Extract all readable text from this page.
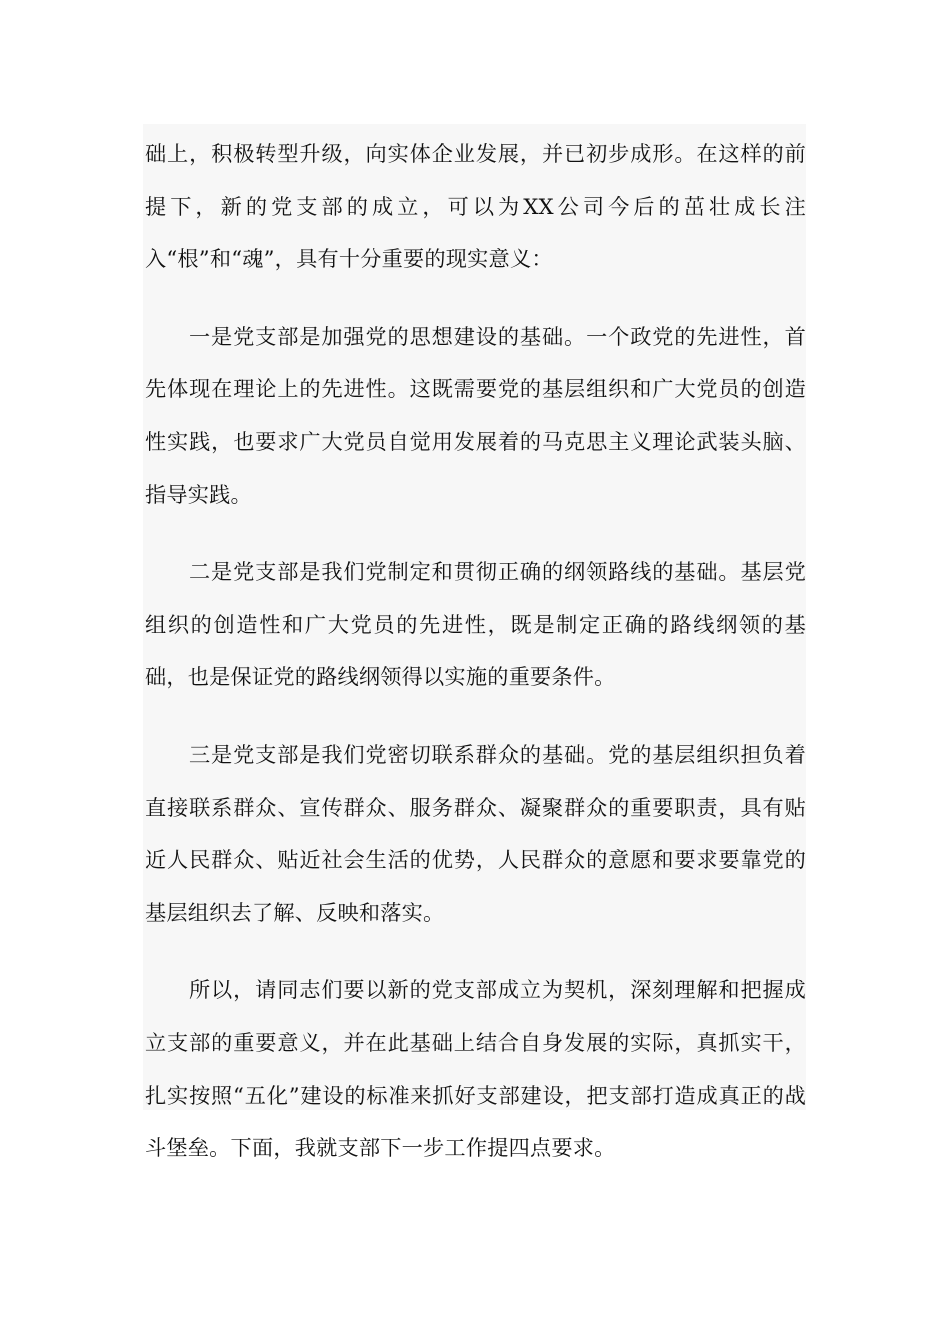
础上，积极转型升级，向实体企业发展，并已初步成形。在这样的前提下，新的党支部的成立，可以为XX公司今后的茁壮成长注入“根”和“魂”，具有十分重要的现实意义：

一是党支部是加强党的思想建设的基础。一个政党的先进性，首先体现在理论上的先进性。这既需要党的基层组织和广大党员的创造性实践，也要求广大党员自觉用发展着的马克思主义理论武装头脑、指导实践。

二是党支部是我们党制定和贯彻正确的纲领路线的基础。基层党组织的创造性和广大党员的先进性，既是制定正确的路线纲领的基础，也是保证党的路线纲领得以实施的重要条件。

三是党支部是我们党密切联系群众的基础。党的基层组织担负着直接联系群众、宣传群众、服务群众、凝聚群众的重要职责，具有贴近人民群众、贴近社会生活的优势，人民群众的意愿和要求要靠党的基层组织去了解、反映和落实。

所以，请同志们要以新的党支部成立为契机，深刻理解和把握成立支部的重要意义，并在此基础上结合自身发展的实际，真抓实干，扎实按照“五化”建设的标准来抓好支部建设，把支部打造成真正的战斗堡垒。下面，我就支部下一步工作提四点要求。
